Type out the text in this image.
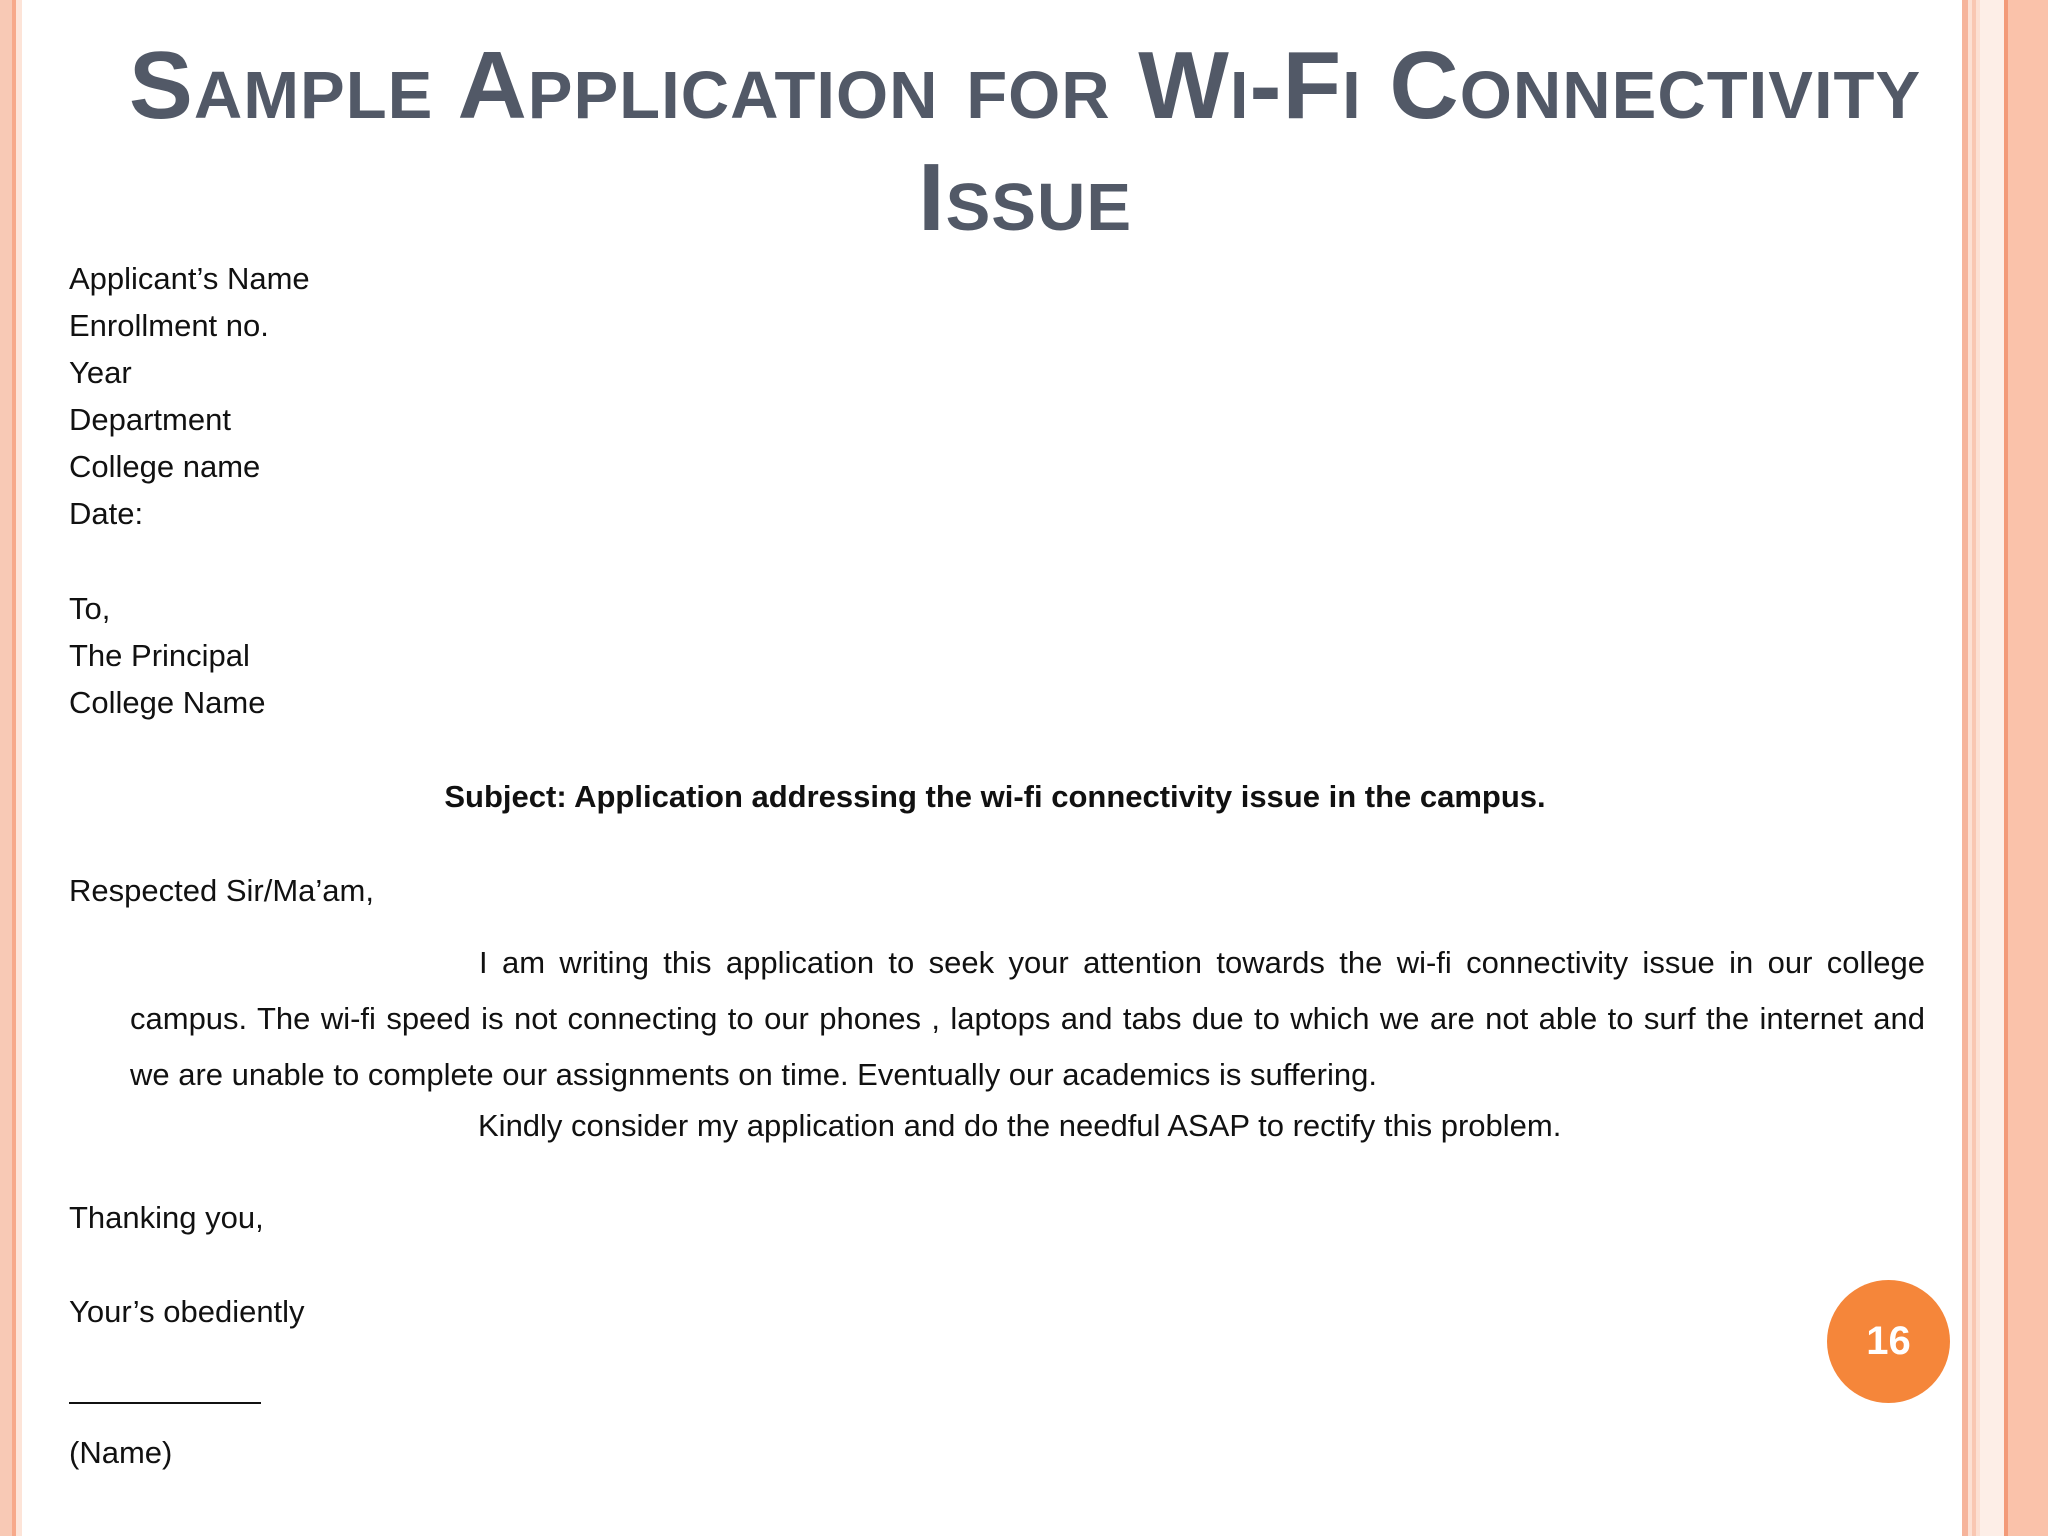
Sample Application for Wi-Fi Connectivity Issue
Applicant’s Name
Enrollment no.
Year
Department
College name
Date:
To,
The Principal
College Name
Subject: Application addressing the wi-fi connectivity issue in the campus.
Respected Sir/Ma’am,

I am writing this application to seek your attention towards the wi-fi connectivity issue in our college campus. The wi-fi speed is not connecting to our phones , laptops and tabs due to which we are not able to surf the internet and we are unable to complete our assignments on time. Eventually our academics is suffering.

Kindly consider my application and do the needful ASAP to rectify this problem.
Thanking you,
Your’s obediently
(Name)
16
